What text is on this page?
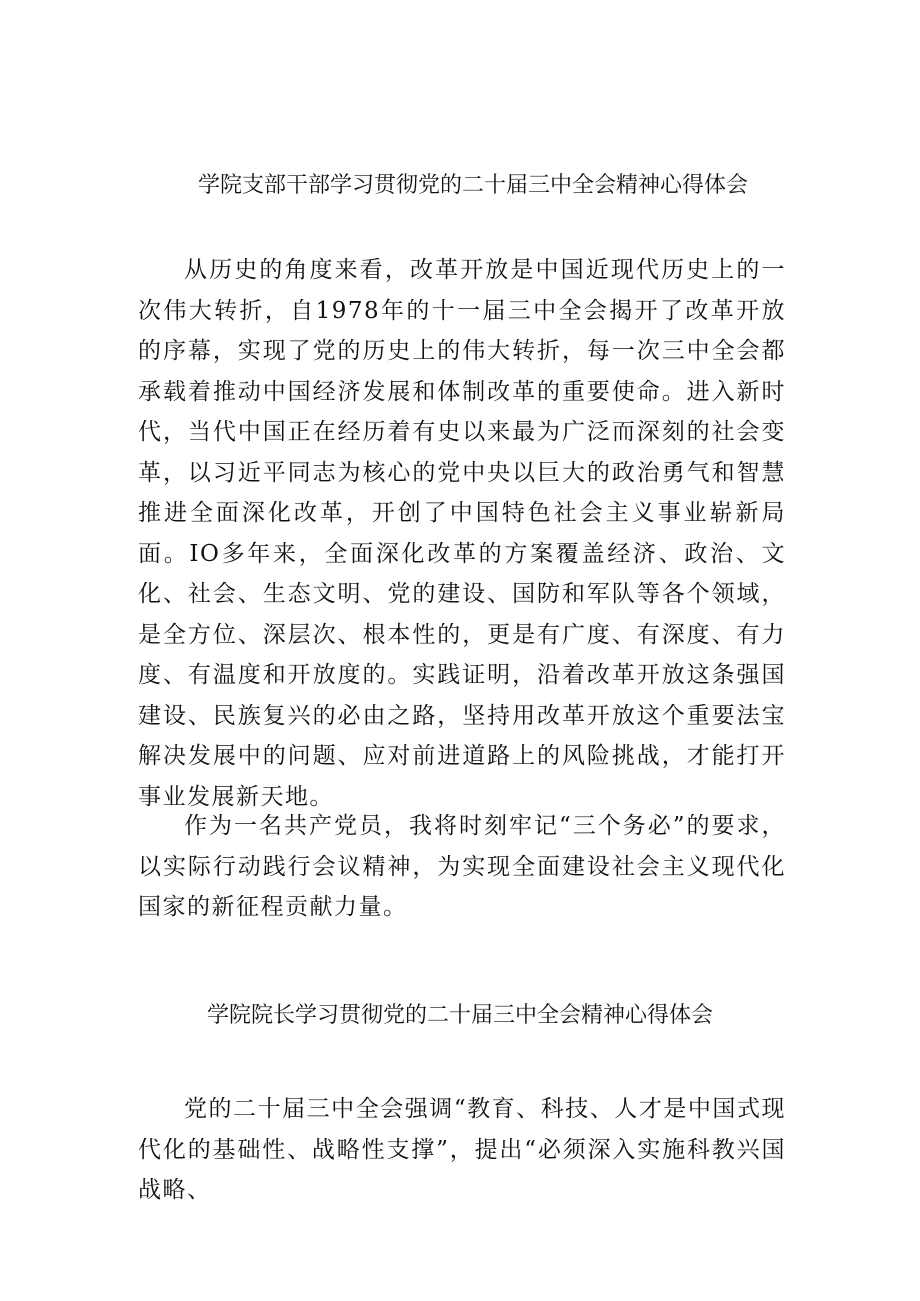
学院支部干部学习贯彻党的二十届三中全会精神心得体会

从历史的角度来看，改革开放是中国近现代历史上的一次伟大转折，自1978年的十一届三中全会揭开了改革开放的序幕，实现了党的历史上的伟大转折，每一次三中全会都承载着推动中国经济发展和体制改革的重要使命。进入新时代，当代中国正在经历着有史以来最为广泛而深刻的社会变革，以习近平同志为核心的党中央以巨大的政治勇气和智慧推进全面深化改革，开创了中国特色社会主义事业崭新局面。IO多年来，全面深化改革的方案覆盖经济、政治、文化、社会、生态文明、党的建设、国防和军队等各个领域，是全方位、深层次、根本性的，更是有广度、有深度、有力度、有温度和开放度的。实践证明，沿着改革开放这条强国建设、民族复兴的必由之路，坚持用改革开放这个重要法宝解决发展中的问题、应对前进道路上的风险挑战，才能打开事业发展新天地。

作为一名共产党员，我将时刻牢记“三个务必”的要求，以实际行动践行会议精神，为实现全面建设社会主义现代化国家的新征程贡献力量。

学院院长学习贯彻党的二十届三中全会精神心得体会

党的二十届三中全会强调“教育、科技、人才是中国式现代化的基础性、战略性支撑”，提出“必须深入实施科教兴国战略、
